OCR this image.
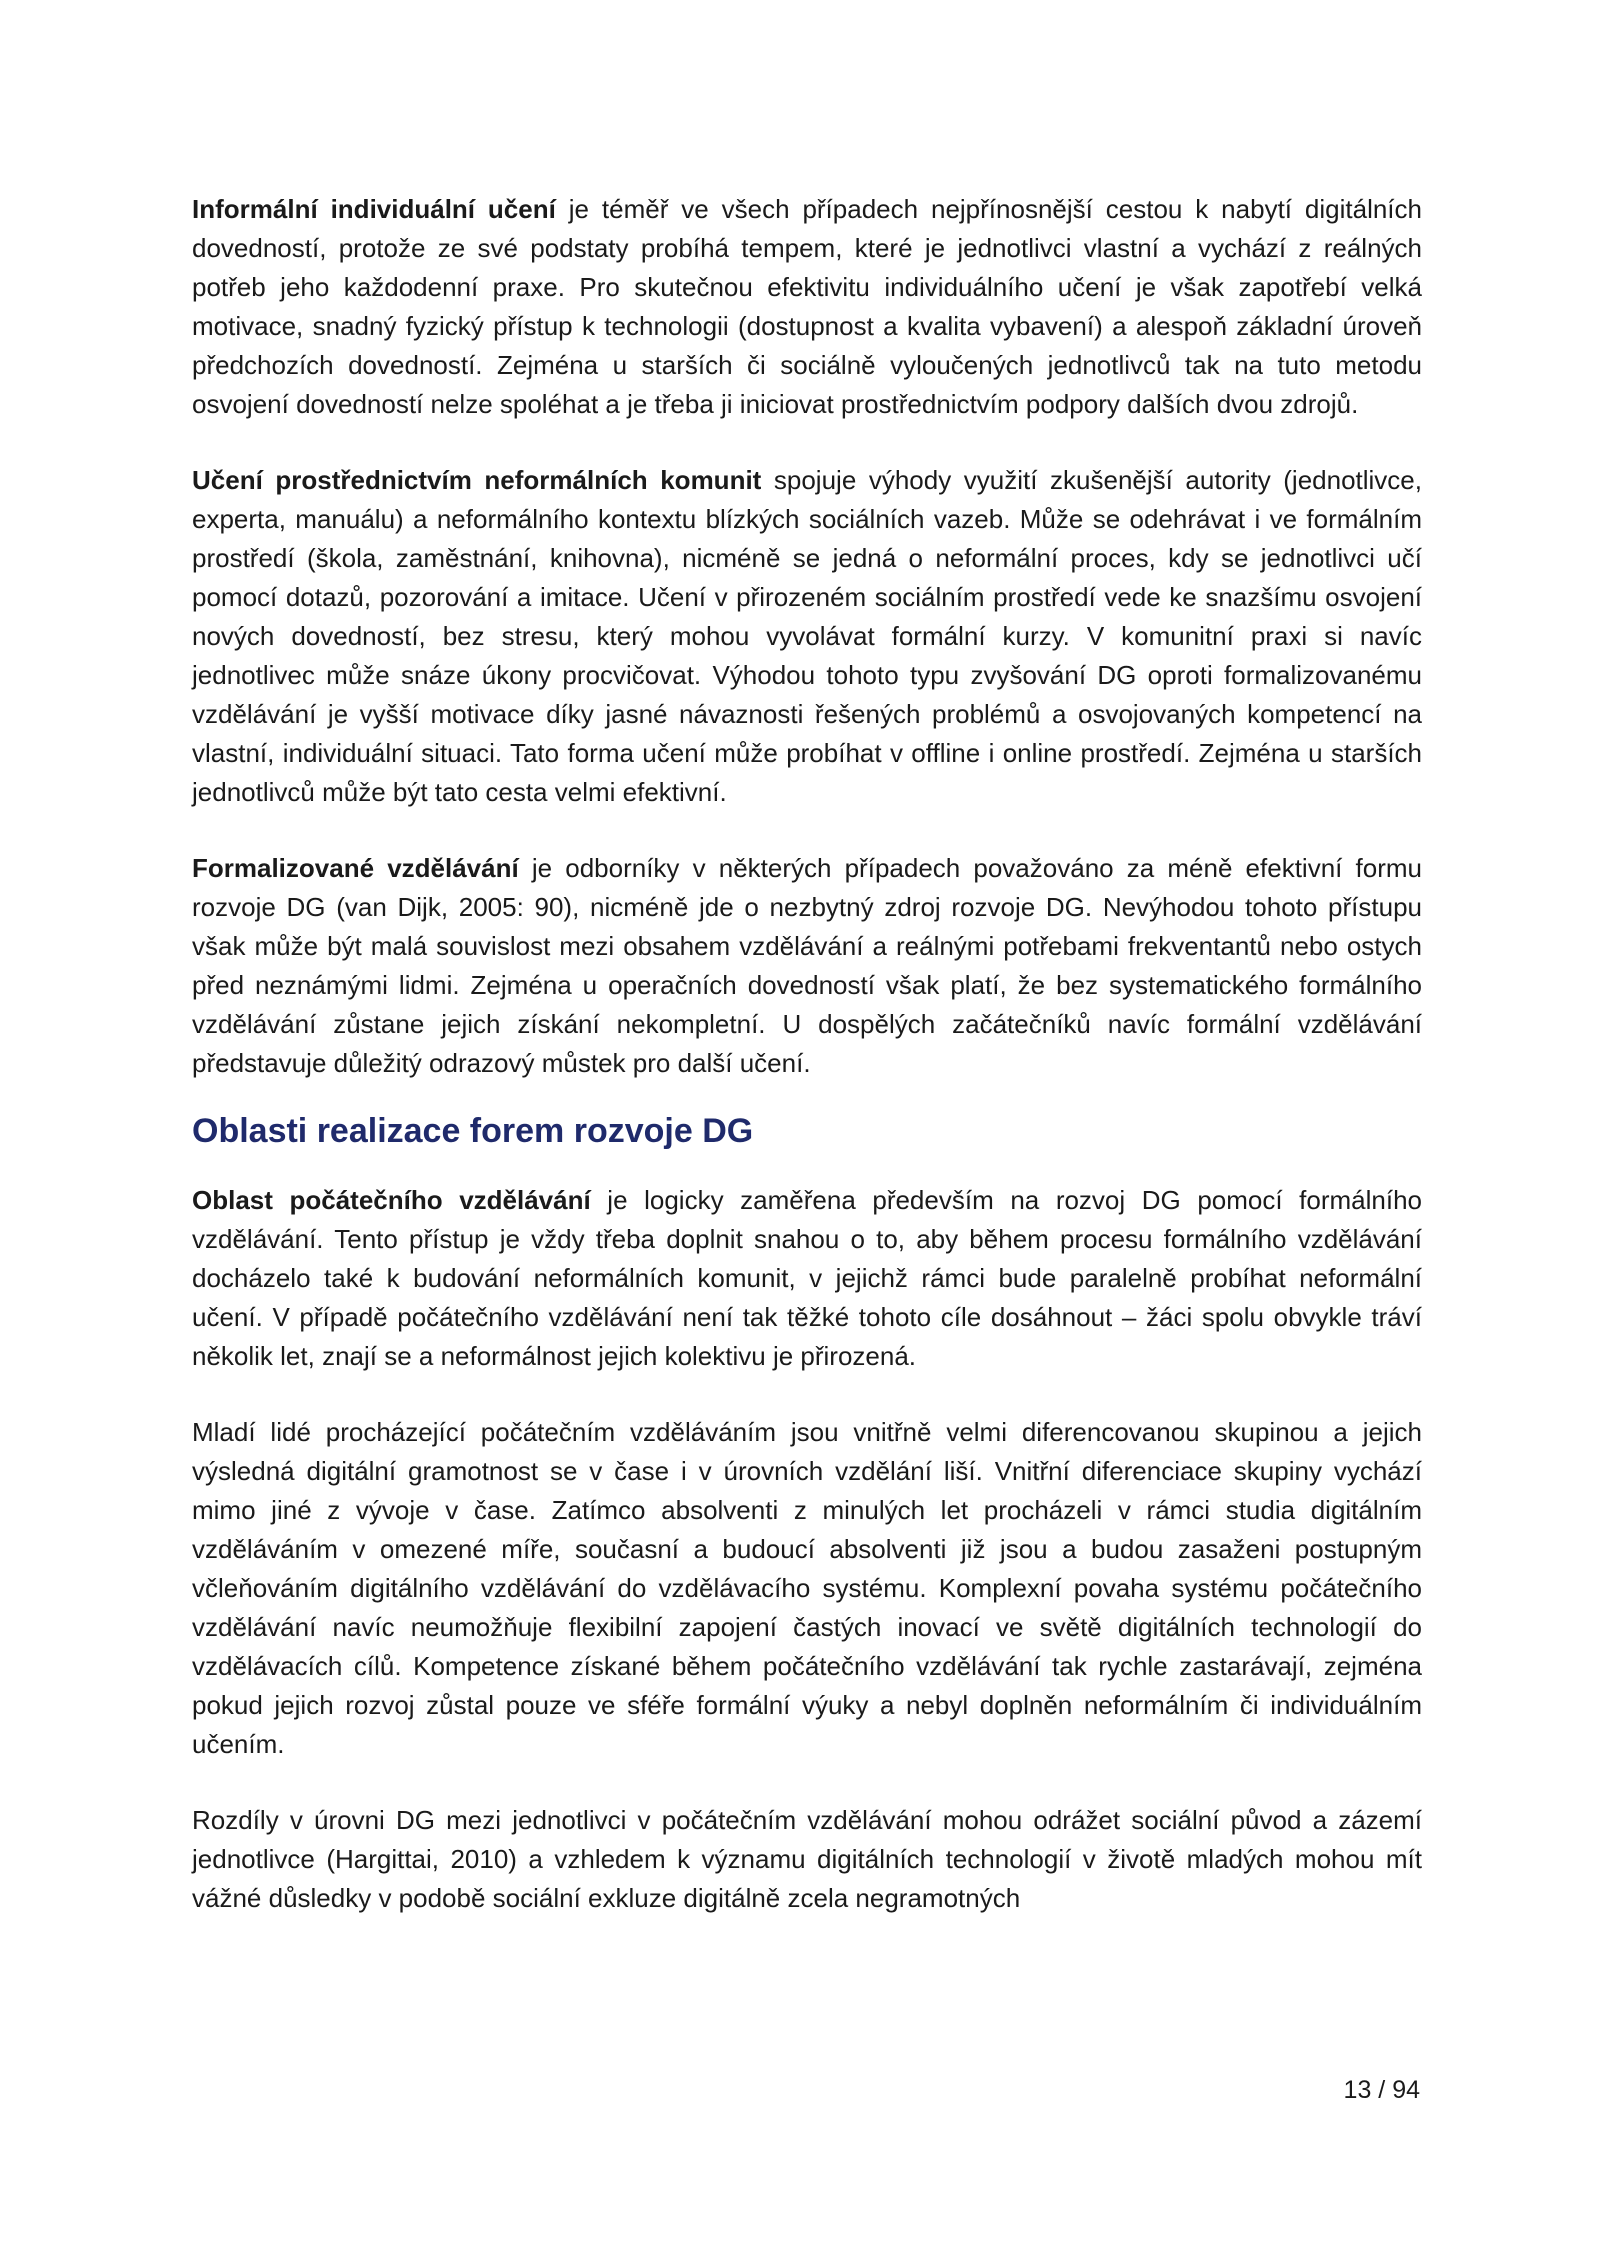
Informální individuální učení je téměř ve všech případech nejpřínosnější cestou k nabytí digitálních dovedností, protože ze své podstaty probíhá tempem, které je jednotlivci vlastní a vychází z reálných potřeb jeho každodenní praxe. Pro skutečnou efektivitu individuálního učení je však zapotřebí velká motivace, snadný fyzický přístup k technologii (dostupnost a kvalita vybavení) a alespoň základní úroveň předchozích dovedností. Zejména u starších či sociálně vyloučených jednotlivců tak na tuto metodu osvojení dovedností nelze spoléhat a je třeba ji iniciovat prostřednictvím podpory dalších dvou zdrojů.

Učení prostřednictvím neformálních komunit spojuje výhody využití zkušenější autority (jednotlivce, experta, manuálu) a neformálního kontextu blízkých sociálních vazeb. Může se odehrávat i ve formálním prostředí (škola, zaměstnání, knihovna), nicméně se jedná o neformální proces, kdy se jednotlivci učí pomocí dotazů, pozorování a imitace. Učení v přirozeném sociálním prostředí vede ke snazšímu osvojení nových dovedností, bez stresu, který mohou vyvolávat formální kurzy. V komunitní praxi si navíc jednotlivec může snáze úkony procvičovat. Výhodou tohoto typu zvyšování DG oproti formalizovanému vzdělávání je vyšší motivace díky jasné návaznosti řešených problémů a osvojovaných kompetencí na vlastní, individuální situaci. Tato forma učení může probíhat v offline i online prostředí. Zejména u starších jednotlivců může být tato cesta velmi efektivní.

Formalizované vzdělávání je odborníky v některých případech považováno za méně efektivní formu rozvoje DG (van Dijk, 2005: 90), nicméně jde o nezbytný zdroj rozvoje DG. Nevýhodou tohoto přístupu však může být malá souvislost mezi obsahem vzdělávání a reálnými potřebami frekventantů nebo ostych před neznámými lidmi. Zejména u operačních dovedností však platí, že bez systematického formálního vzdělávání zůstane jejich získání nekompletní. U dospělých začátečníků navíc formální vzdělávání představuje důležitý odrazový můstek pro další učení.

Oblasti realizace forem rozvoje DG

Oblast počátečního vzdělávání je logicky zaměřena především na rozvoj DG pomocí formálního vzdělávání. Tento přístup je vždy třeba doplnit snahou o to, aby během procesu formálního vzdělávání docházelo také k budování neformálních komunit, v jejichž rámci bude paralelně probíhat neformální učení. V případě počátečního vzdělávání není tak těžké tohoto cíle dosáhnout – žáci spolu obvykle tráví několik let, znají se a neformálnost jejich kolektivu je přirozená.

Mladí lidé procházející počátečním vzděláváním jsou vnitřně velmi diferencovanou skupinou a jejich výsledná digitální gramotnost se v čase i v úrovních vzdělání liší. Vnitřní diferenciace skupiny vychází mimo jiné z vývoje v čase. Zatímco absolventi z minulých let procházeli v rámci studia digitálním vzděláváním v omezené míře, současní a budoucí absolventi již jsou a budou zasaženi postupným včleňováním digitálního vzdělávání do vzdělávacího systému. Komplexní povaha systému počátečního vzdělávání navíc neumožňuje flexibilní zapojení častých inovací ve světě digitálních technologií do vzdělávacích cílů. Kompetence získané během počátečního vzdělávání tak rychle zastarávají, zejména pokud jejich rozvoj zůstal pouze ve sféře formální výuky a nebyl doplněn neformálním či individuálním učením.

Rozdíly v úrovni DG mezi jednotlivci v počátečním vzdělávání mohou odrážet sociální původ a zázemí jednotlivce (Hargittai, 2010) a vzhledem k významu digitálních technologií v životě mladých mohou mít vážné důsledky v podobě sociální exkluze digitálně zcela negramotných

13 / 94
